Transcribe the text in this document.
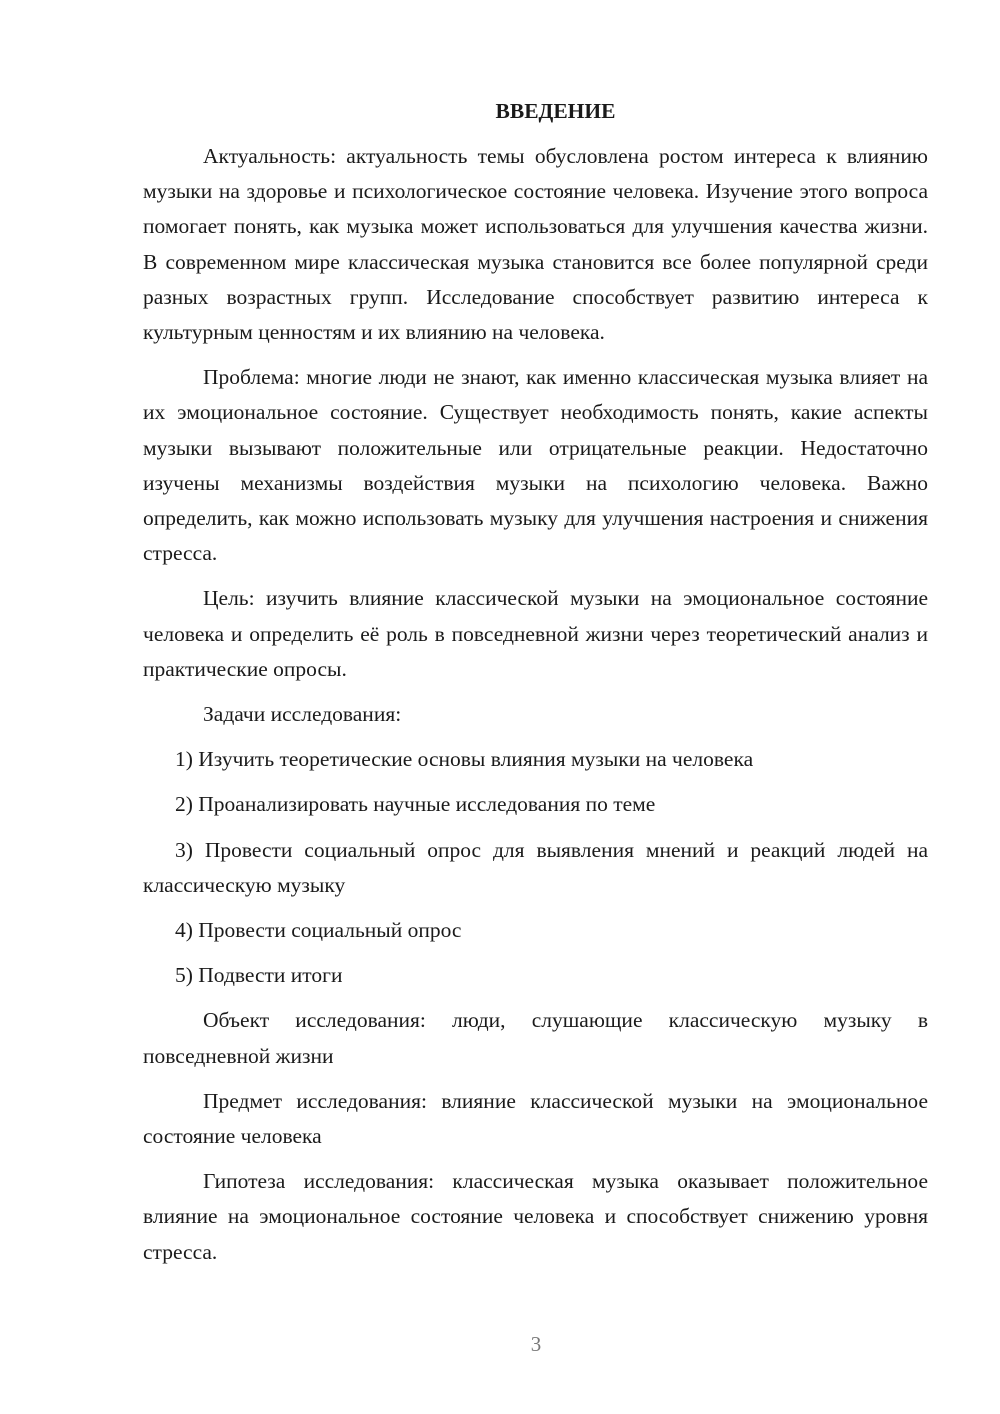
ВВЕДЕНИЕ

Актуальность: актуальность темы обусловлена ростом интереса к влиянию музыки на здоровье и психологическое состояние человека. Изучение этого вопроса помогает понять, как музыка может использоваться для улучшения качества жизни. В современном мире классическая музыка становится все более популярной среди разных возрастных групп. Исследование способствует развитию интереса к культурным ценностям и их влиянию на человека.

Проблема: многие люди не знают, как именно классическая музыка влияет на их эмоциональное состояние. Существует необходимость понять, какие аспекты музыки вызывают положительные или отрицательные реакции. Недостаточно изучены механизмы воздействия музыки на психологию человека. Важно определить, как можно использовать музыку для улучшения настроения и снижения стресса.

Цель: изучить влияние классической музыки на эмоциональное состояние человека и определить её роль в повседневной жизни через теоретический анализ и практические опросы.

Задачи исследования:

1) Изучить теоретические основы влияния музыки на человека

2) Проанализировать научные исследования по теме

3) Провести социальный опрос для выявления мнений и реакций людей на классическую музыку

4) Провести социальный опрос

5) Подвести итоги

Объект исследования: люди, слушающие классическую музыку в повседневной жизни

Предмет исследования: влияние классической музыки на эмоциональное состояние человека

Гипотеза исследования: классическая музыка оказывает положительное влияние на эмоциональное состояние человека и способствует снижению уровня стресса.

3
